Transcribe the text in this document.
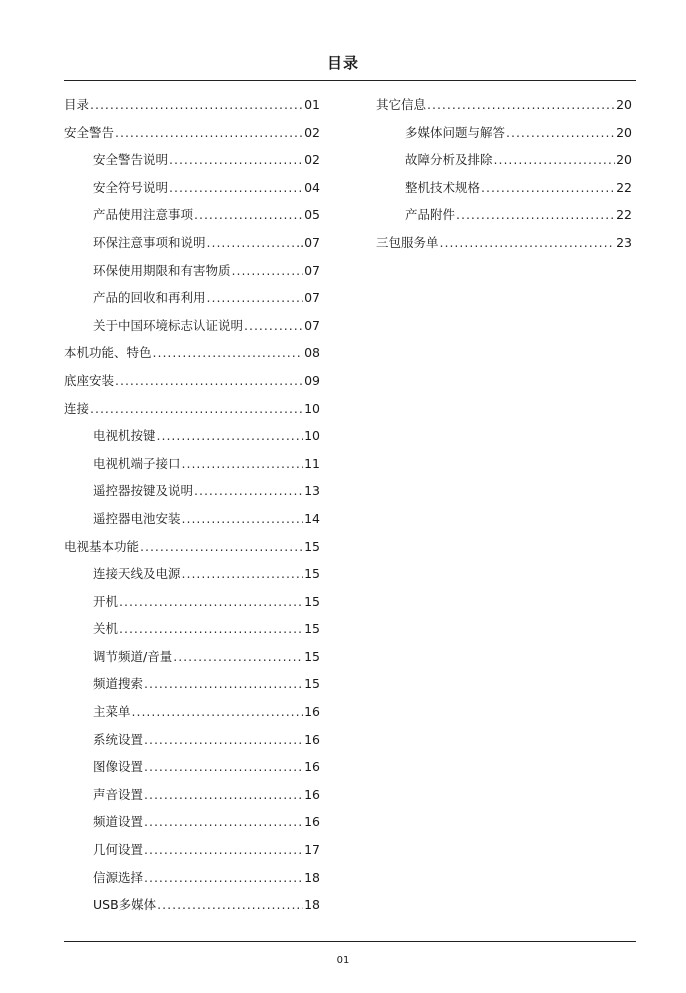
目录
目录 .....	01
安全警告 .....	02
安全警告说明 .....	02
安全符号说明 .....	04
产品使用注意事项 .....	05
环保注意事项和说明 .....	..07
环保使用期限和有害物质 .....	07
产品的回收和再利用 .....	07
关于中国环境标志认证说明 .....	07
本机功能、特色 .....	08
底座安装 .....	09
连接 .....	10
电视机按键 .....	10
电视机端子接口 .....	11
遥控器按键及说明 .....	13
遥控器电池安装 .....	14
电视基本功能 .....	15
连接天线及电源 .....	15
开机 .....	15
关机 .....	15
调节频道/音量 .....	15
频道搜索 .....	15
主菜单 .....	16
系统设置 .....	16
图像设置 .....	16
声音设置 .....	16
频道设置 .....	16
几何设置 .....	17
信源选择 .....	18
USB多媒体 .....	18
其它信息 .....	20
多媒体问题与解答 .....	20
故障分析及排除 .....	20
整机技术规格 .....	22
产品附件 .....	22
三包服务单 .....	23
01
